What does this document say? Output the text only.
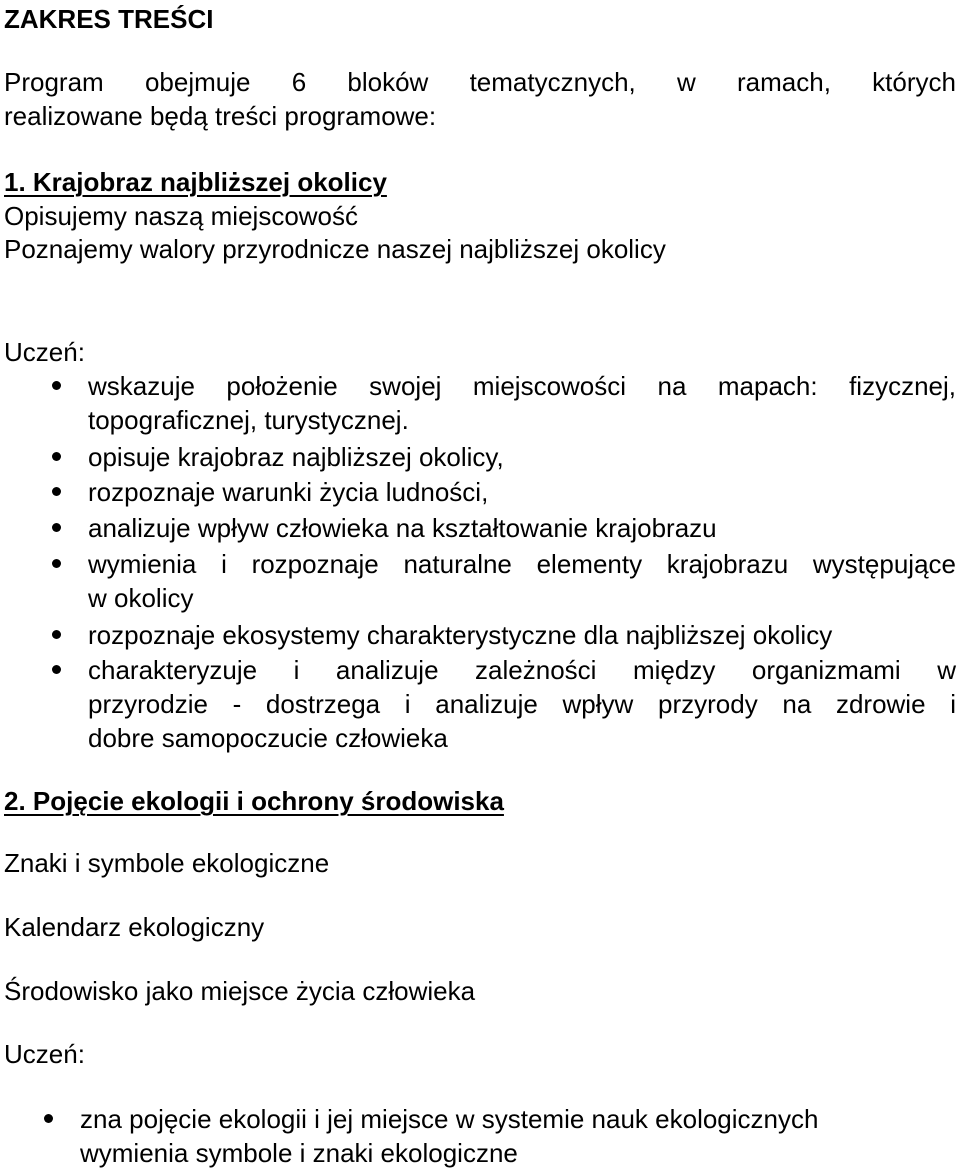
ZAKRES TREŚCI
Program obejmuje 6 bloków tematycznych, w ramach, których
realizowane będą treści programowe:
1. Krajobraz najbliższej okolicy
Opisujemy naszą miejscowość
Poznajemy walory przyrodnicze naszej najbliższej okolicy
Uczeń:
wskazuje położenie swojej miejscowości na mapach: fizycznej,
topograficznej, turystycznej.
opisuje krajobraz najbliższej okolicy,
rozpoznaje warunki życia ludności,
analizuje wpływ człowieka na kształtowanie krajobrazu
wymienia i rozpoznaje naturalne elementy krajobrazu występujące
w okolicy
rozpoznaje ekosystemy charakterystyczne dla najbliższej okolicy
charakteryzuje i analizuje zależności między organizmami w
przyrodzie - dostrzega i analizuje wpływ przyrody na zdrowie i
dobre samopoczucie człowieka
2. Pojęcie ekologii i ochrony środowiska
Znaki i symbole ekologiczne
Kalendarz ekologiczny
Środowisko jako miejsce życia człowieka
Uczeń:
zna pojęcie ekologii i jej miejsce w systemie nauk ekologicznych
wymienia symbole i znaki ekologiczne
